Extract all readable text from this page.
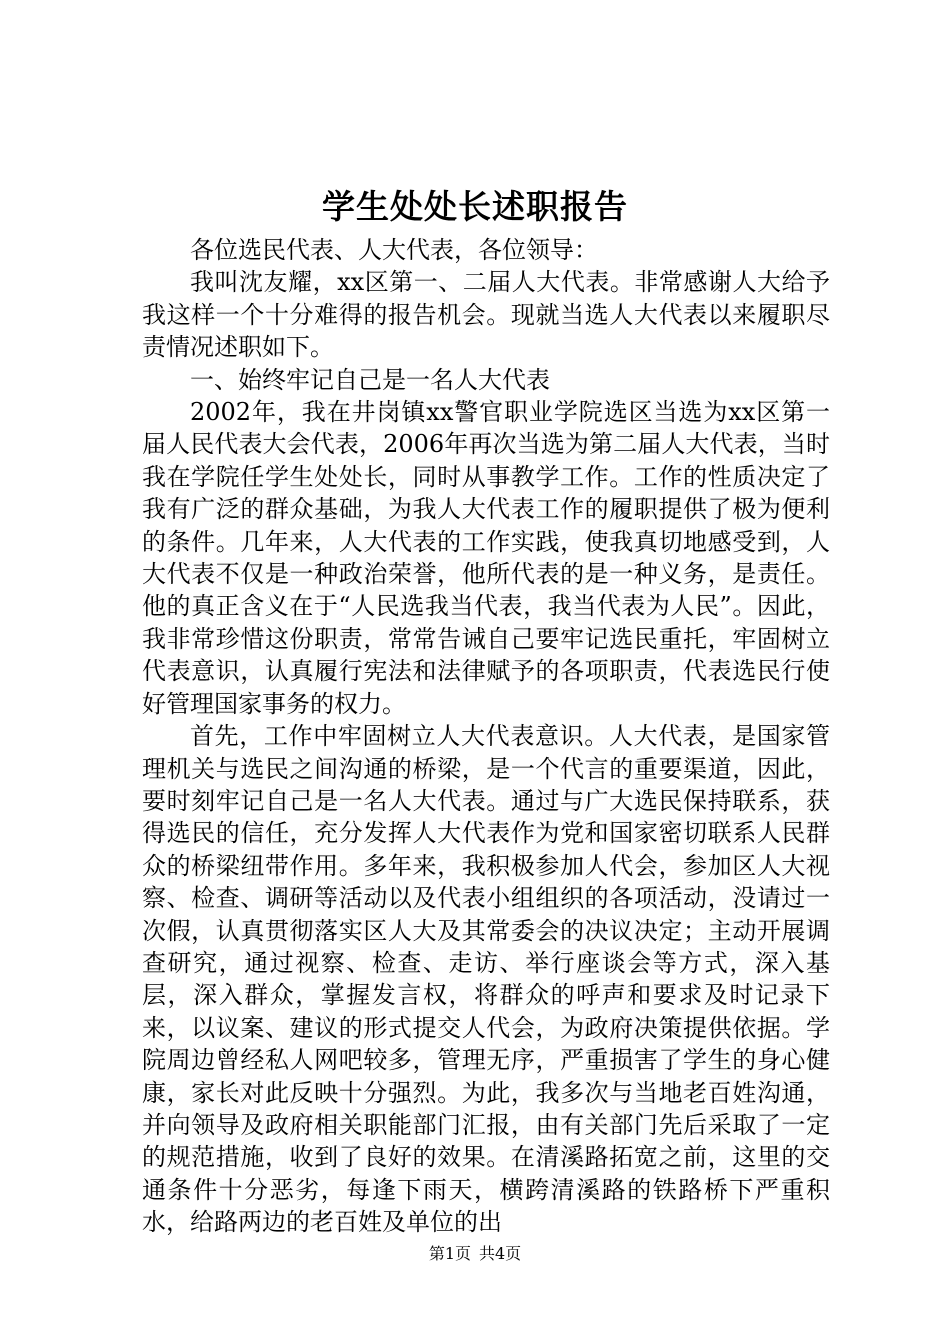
学生处处长述职报告

各位选民代表、人大代表，各位领导：

我叫沈友耀，xx区第一、二届人大代表。非常感谢人大给予我这样一个十分难得的报告机会。现就当选人大代表以来履职尽责情况述职如下。

一、始终牢记自己是一名人大代表

2002年，我在井岗镇xx警官职业学院选区当选为xx区第一届人民代表大会代表，2006年再次当选为第二届人大代表，当时我在学院任学生处处长，同时从事教学工作。工作的性质决定了我有广泛的群众基础，为我人大代表工作的履职提供了极为便利的条件。几年来，人大代表的工作实践，使我真切地感受到，人大代表不仅是一种政治荣誉，他所代表的是一种义务，是责任。他的真正含义在于“人民选我当代表，我当代表为人民”。因此，我非常珍惜这份职责，常常告诫自己要牢记选民重托，牢固树立代表意识，认真履行宪法和法律赋予的各项职责，代表选民行使好管理国家事务的权力。

首先，工作中牢固树立人大代表意识。人大代表，是国家管理机关与选民之间沟通的桥梁，是一个代言的重要渠道，因此，要时刻牢记自己是一名人大代表。通过与广大选民保持联系，获得选民的信任，充分发挥人大代表作为党和国家密切联系人民群众的桥梁纽带作用。多年来，我积极参加人代会，参加区人大视察、检查、调研等活动以及代表小组组织的各项活动，没请过一次假，认真贯彻落实区人大及其常委会的决议决定；主动开展调查研究，通过视察、检查、走访、举行座谈会等方式，深入基层，深入群众，掌握发言权，将群众的呼声和要求及时记录下来，以议案、建议的形式提交人代会，为政府决策提供依据。学院周边曾经私人网吧较多，管理无序，严重损害了学生的身心健康，家长对此反映十分强烈。为此，我多次与当地老百姓沟通，并向领导及政府相关职能部门汇报，由有关部门先后采取了一定的规范措施，收到了良好的效果。在清溪路拓宽之前，这里的交通条件十分恶劣，每逢下雨天，横跨清溪路的铁路桥下严重积水，给路两边的老百姓及单位的出

第1页 共4页
